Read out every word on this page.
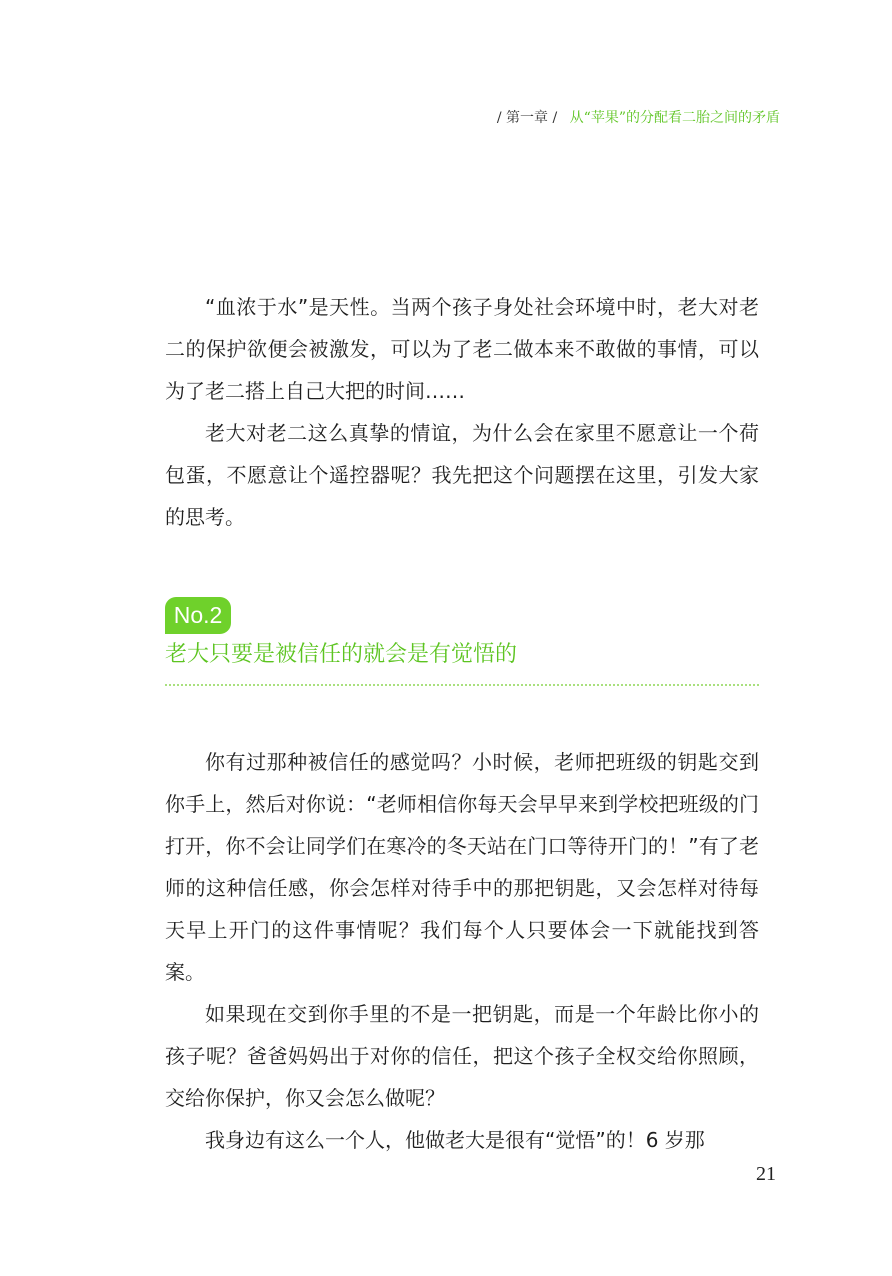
/ 第一章 / 从“苹果”的分配看二胎之间的矛盾

“血浓于水”是天性。当两个孩子身处社会环境中时，老大对老二的保护欲便会被激发，可以为了老二做本来不敢做的事情，可以为了老二搭上自己大把的时间……

老大对老二这么真挚的情谊，为什么会在家里不愿意让一个荷包蛋，不愿意让个遥控器呢？我先把这个问题摆在这里，引发大家的思考。

No.2
老大只要是被信任的就会是有觉悟的

你有过那种被信任的感觉吗？小时候，老师把班级的钥匙交到你手上，然后对你说：“老师相信你每天会早早来到学校把班级的门打开，你不会让同学们在寒冷的冬天站在门口等待开门的！”有了老师的这种信任感，你会怎样对待手中的那把钥匙，又会怎样对待每天早上开门的这件事情呢？我们每个人只要体会一下就能找到答案。

如果现在交到你手里的不是一把钥匙，而是一个年龄比你小的孩子呢？爸爸妈妈出于对你的信任，把这个孩子全权交给你照顾，交给你保护，你又会怎么做呢？

我身边有这么一个人，他做老大是很有“觉悟”的！6 岁那

21
